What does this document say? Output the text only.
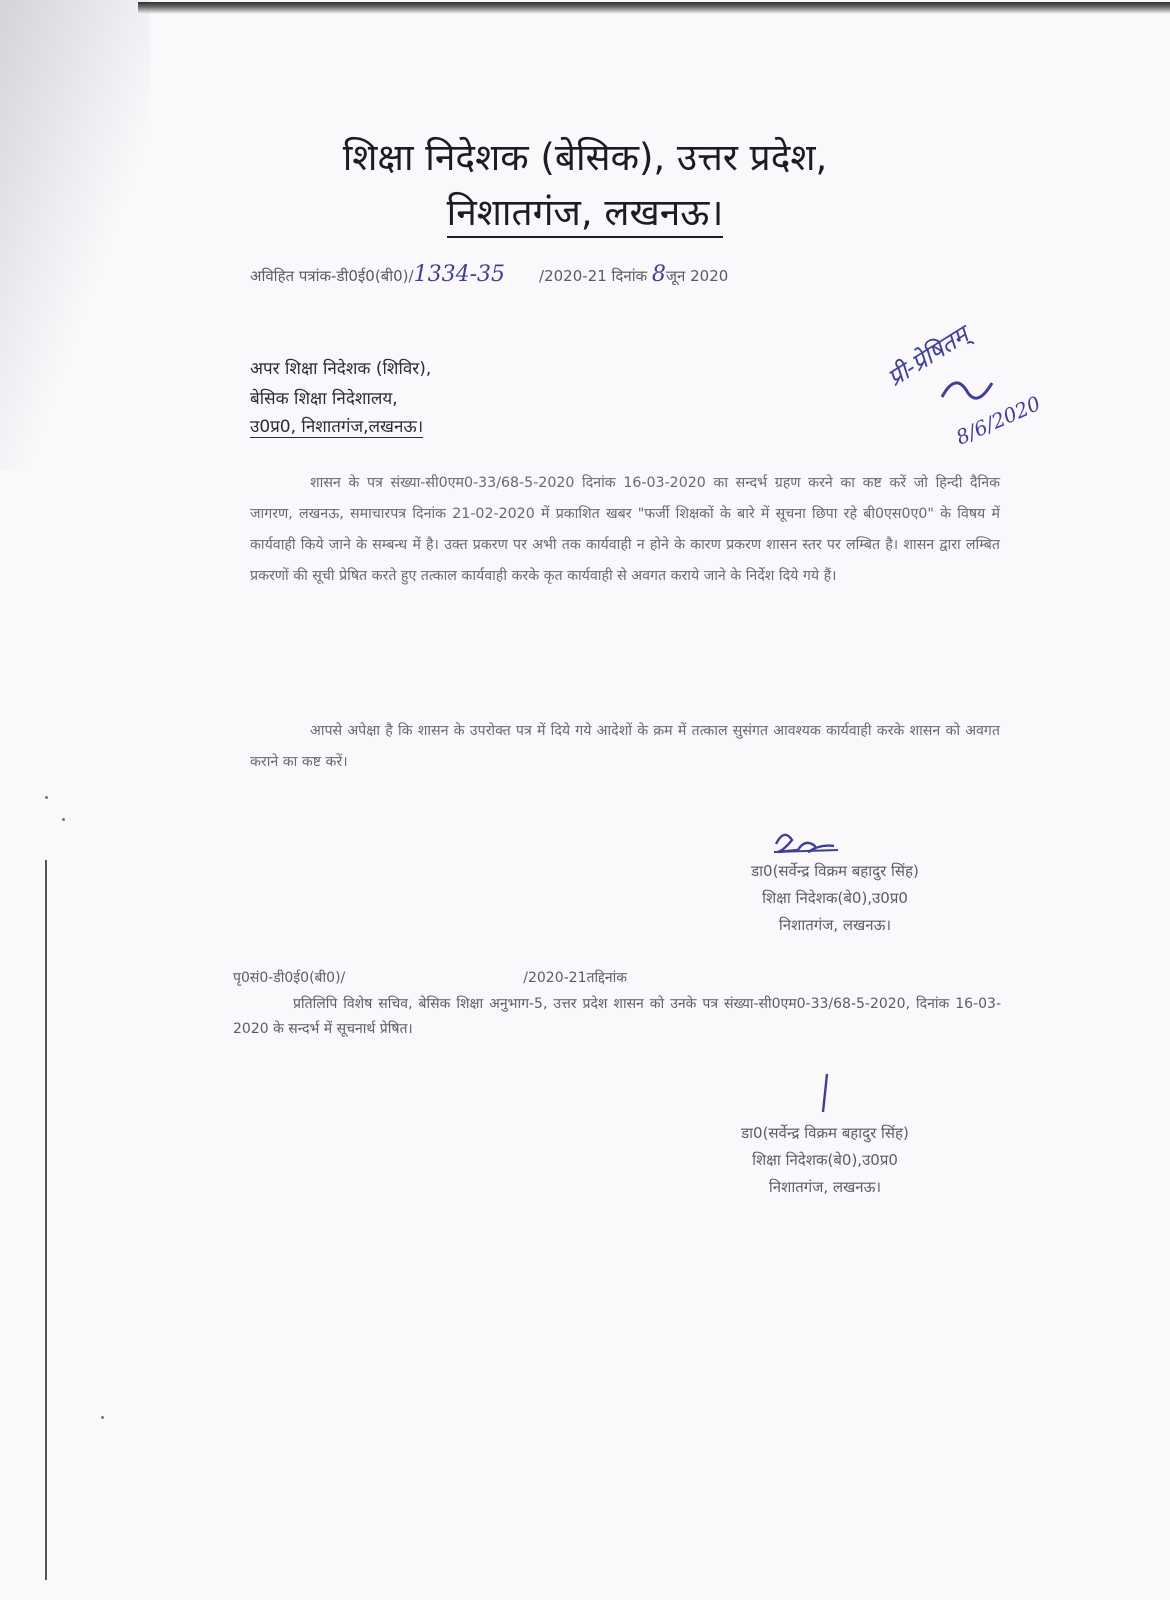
शिक्षा निदेशक (बेसिक), उत्तर प्रदेश,
निशातगंज, लखनऊ।
अविहित पत्रांक-डी0ई0(बी0)/1334-35 /2020-21 दिनांक 8जून 2020
अपर शिक्षा निदेशक (शिविर),
बेसिक शिक्षा निदेशालय,
उ0प्र0, निशातगंज,लखनऊ।
प्री-प्रेषितम्
8/6/2020
शासन के पत्र संख्या-सी0एम0-33/68-5-2020 दिनांक 16-03-2020 का सन्दर्भ ग्रहण करने का कष्ट करें जो हिन्दी दैनिक जागरण, लखनऊ, समाचारपत्र दिनांक 21-02-2020 में प्रकाशित खबर "फर्जी शिक्षकों के बारे में सूचना छिपा रहे बी0एस0ए0" के विषय में कार्यवाही किये जाने के सम्बन्ध में है। उक्त प्रकरण पर अभी तक कार्यवाही न होने के कारण प्रकरण शासन स्तर पर लम्बित है। शासन द्वारा लम्बित प्रकरणों की सूची प्रेषित करते हुए तत्काल कार्यवाही करके कृत कार्यवाही से अवगत कराये जाने के निर्देश दिये गये हैं।
आपसे अपेक्षा है कि शासन के उपरोक्त पत्र में दिये गये आदेशों के क्रम में तत्काल सुसंगत आवश्यक कार्यवाही करके शासन को अवगत कराने का कष्ट करें।
डा0(सर्वेन्द्र विक्रम बहादुर सिंह)
शिक्षा निदेशक(बे0),उ0प्र0
निशातगंज, लखनऊ।
पृ0सं0-डी0ई0(बी0)/	/2020-21तद्दिनांक
प्रतिलिपि विशेष सचिव, बेसिक शिक्षा अनुभाग-5, उत्तर प्रदेश शासन को उनके पत्र संख्या-सी0एम0-33/68-5-2020, दिनांक 16-03-2020 के सन्दर्भ में सूचनार्थ प्रेषित।
डा0(सर्वेन्द्र विक्रम बहादुर सिंह)
शिक्षा निदेशक(बे0),उ0प्र0
निशातगंज, लखनऊ।
